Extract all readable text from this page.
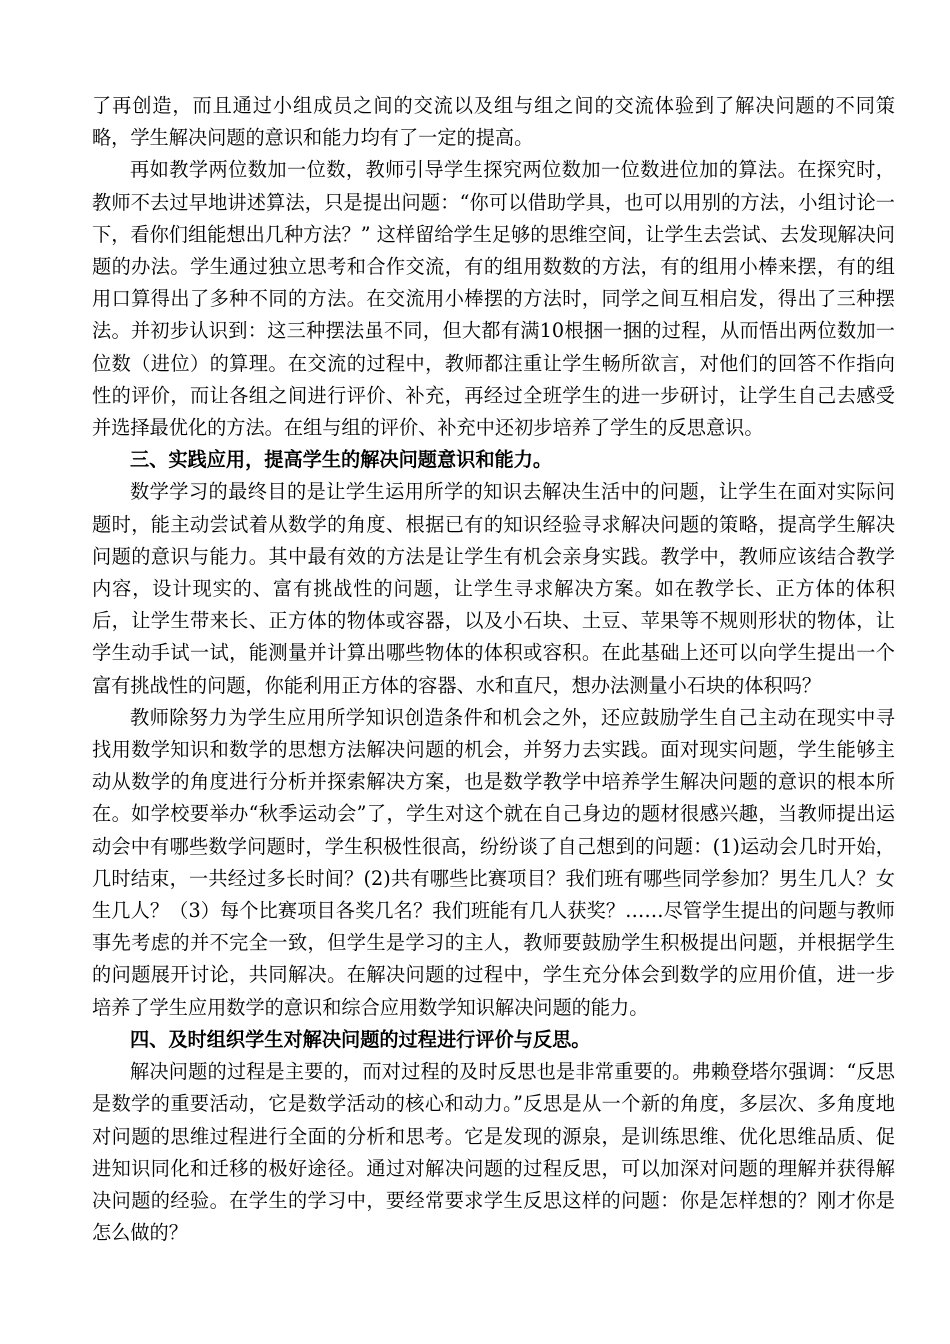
了再创造，而且通过小组成员之间的交流以及组与组之间的交流体验到了解决问题的不同策略，学生解决问题的意识和能力均有了一定的提高。

再如教学两位数加一位数，教师引导学生探究两位数加一位数进位加的算法。在探究时，教师不去过早地讲述算法，只是提出问题：“你可以借助学具，也可以用别的方法，小组讨论一下，看你们组能想出几种方法？” 这样留给学生足够的思维空间，让学生去尝试、去发现解决问题的办法。学生通过独立思考和合作交流，有的组用数数的方法，有的组用小棒来摆，有的组用口算得出了多种不同的方法。在交流用小棒摆的方法时，同学之间互相启发，得出了三种摆法。并初步认识到：这三种摆法虽不同，但大都有满10根捆一捆的过程，从而悟出两位数加一位数（进位）的算理。在交流的过程中，教师都注重让学生畅所欲言，对他们的回答不作指向性的评价，而让各组之间进行评价、补充，再经过全班学生的进一步研讨，让学生自己去感受并选择最优化的方法。在组与组的评价、补充中还初步培养了学生的反思意识。

三、实践应用，提高学生的解决问题意识和能力。

数学学习的最终目的是让学生运用所学的知识去解决生活中的问题，让学生在面对实际问题时，能主动尝试着从数学的角度、根据已有的知识经验寻求解决问题的策略，提高学生解决问题的意识与能力。其中最有效的方法是让学生有机会亲身实践。教学中，教师应该结合教学内容，设计现实的、富有挑战性的问题，让学生寻求解决方案。如在教学长、正方体的体积后，让学生带来长、正方体的物体或容器，以及小石块、土豆、苹果等不规则形状的物体，让学生动手试一试，能测量并计算出哪些物体的体积或容积。在此基础上还可以向学生提出一个富有挑战性的问题，你能利用正方体的容器、水和直尺，想办法测量小石块的体积吗？

教师除努力为学生应用所学知识创造条件和机会之外，还应鼓励学生自己主动在现实中寻找用数学知识和数学的思想方法解决问题的机会，并努力去实践。面对现实问题，学生能够主动从数学的角度进行分析并探索解决方案，也是数学教学中培养学生解决问题的意识的根本所在。如学校要举办“秋季运动会”了，学生对这个就在自己身边的题材很感兴趣，当教师提出运动会中有哪些数学问题时，学生积极性很高，纷纷谈了自己想到的问题：(1)运动会几时开始，几时结束，一共经过多长时间？(2)共有哪些比赛项目？我们班有哪些同学参加？男生几人？女生几人？（3）每个比赛项目各奖几名？我们班能有几人获奖？……尽管学生提出的问题与教师事先考虑的并不完全一致，但学生是学习的主人，教师要鼓励学生积极提出问题，并根据学生的问题展开讨论，共同解决。在解决问题的过程中，学生充分体会到数学的应用价值，进一步培养了学生应用数学的意识和综合应用数学知识解决问题的能力。

四、及时组织学生对解决问题的过程进行评价与反思。

解决问题的过程是主要的，而对过程的及时反思也是非常重要的。弗赖登塔尔强调：“反思是数学的重要活动，它是数学活动的核心和动力。”反思是从一个新的角度，多层次、多角度地对问题的思维过程进行全面的分析和思考。它是发现的源泉，是训练思维、优化思维品质、促进知识同化和迁移的极好途径。通过对解决问题的过程反思，可以加深对问题的理解并获得解决问题的经验。在学生的学习中，要经常要求学生反思这样的问题：你是怎样想的？刚才你是怎么做的？
